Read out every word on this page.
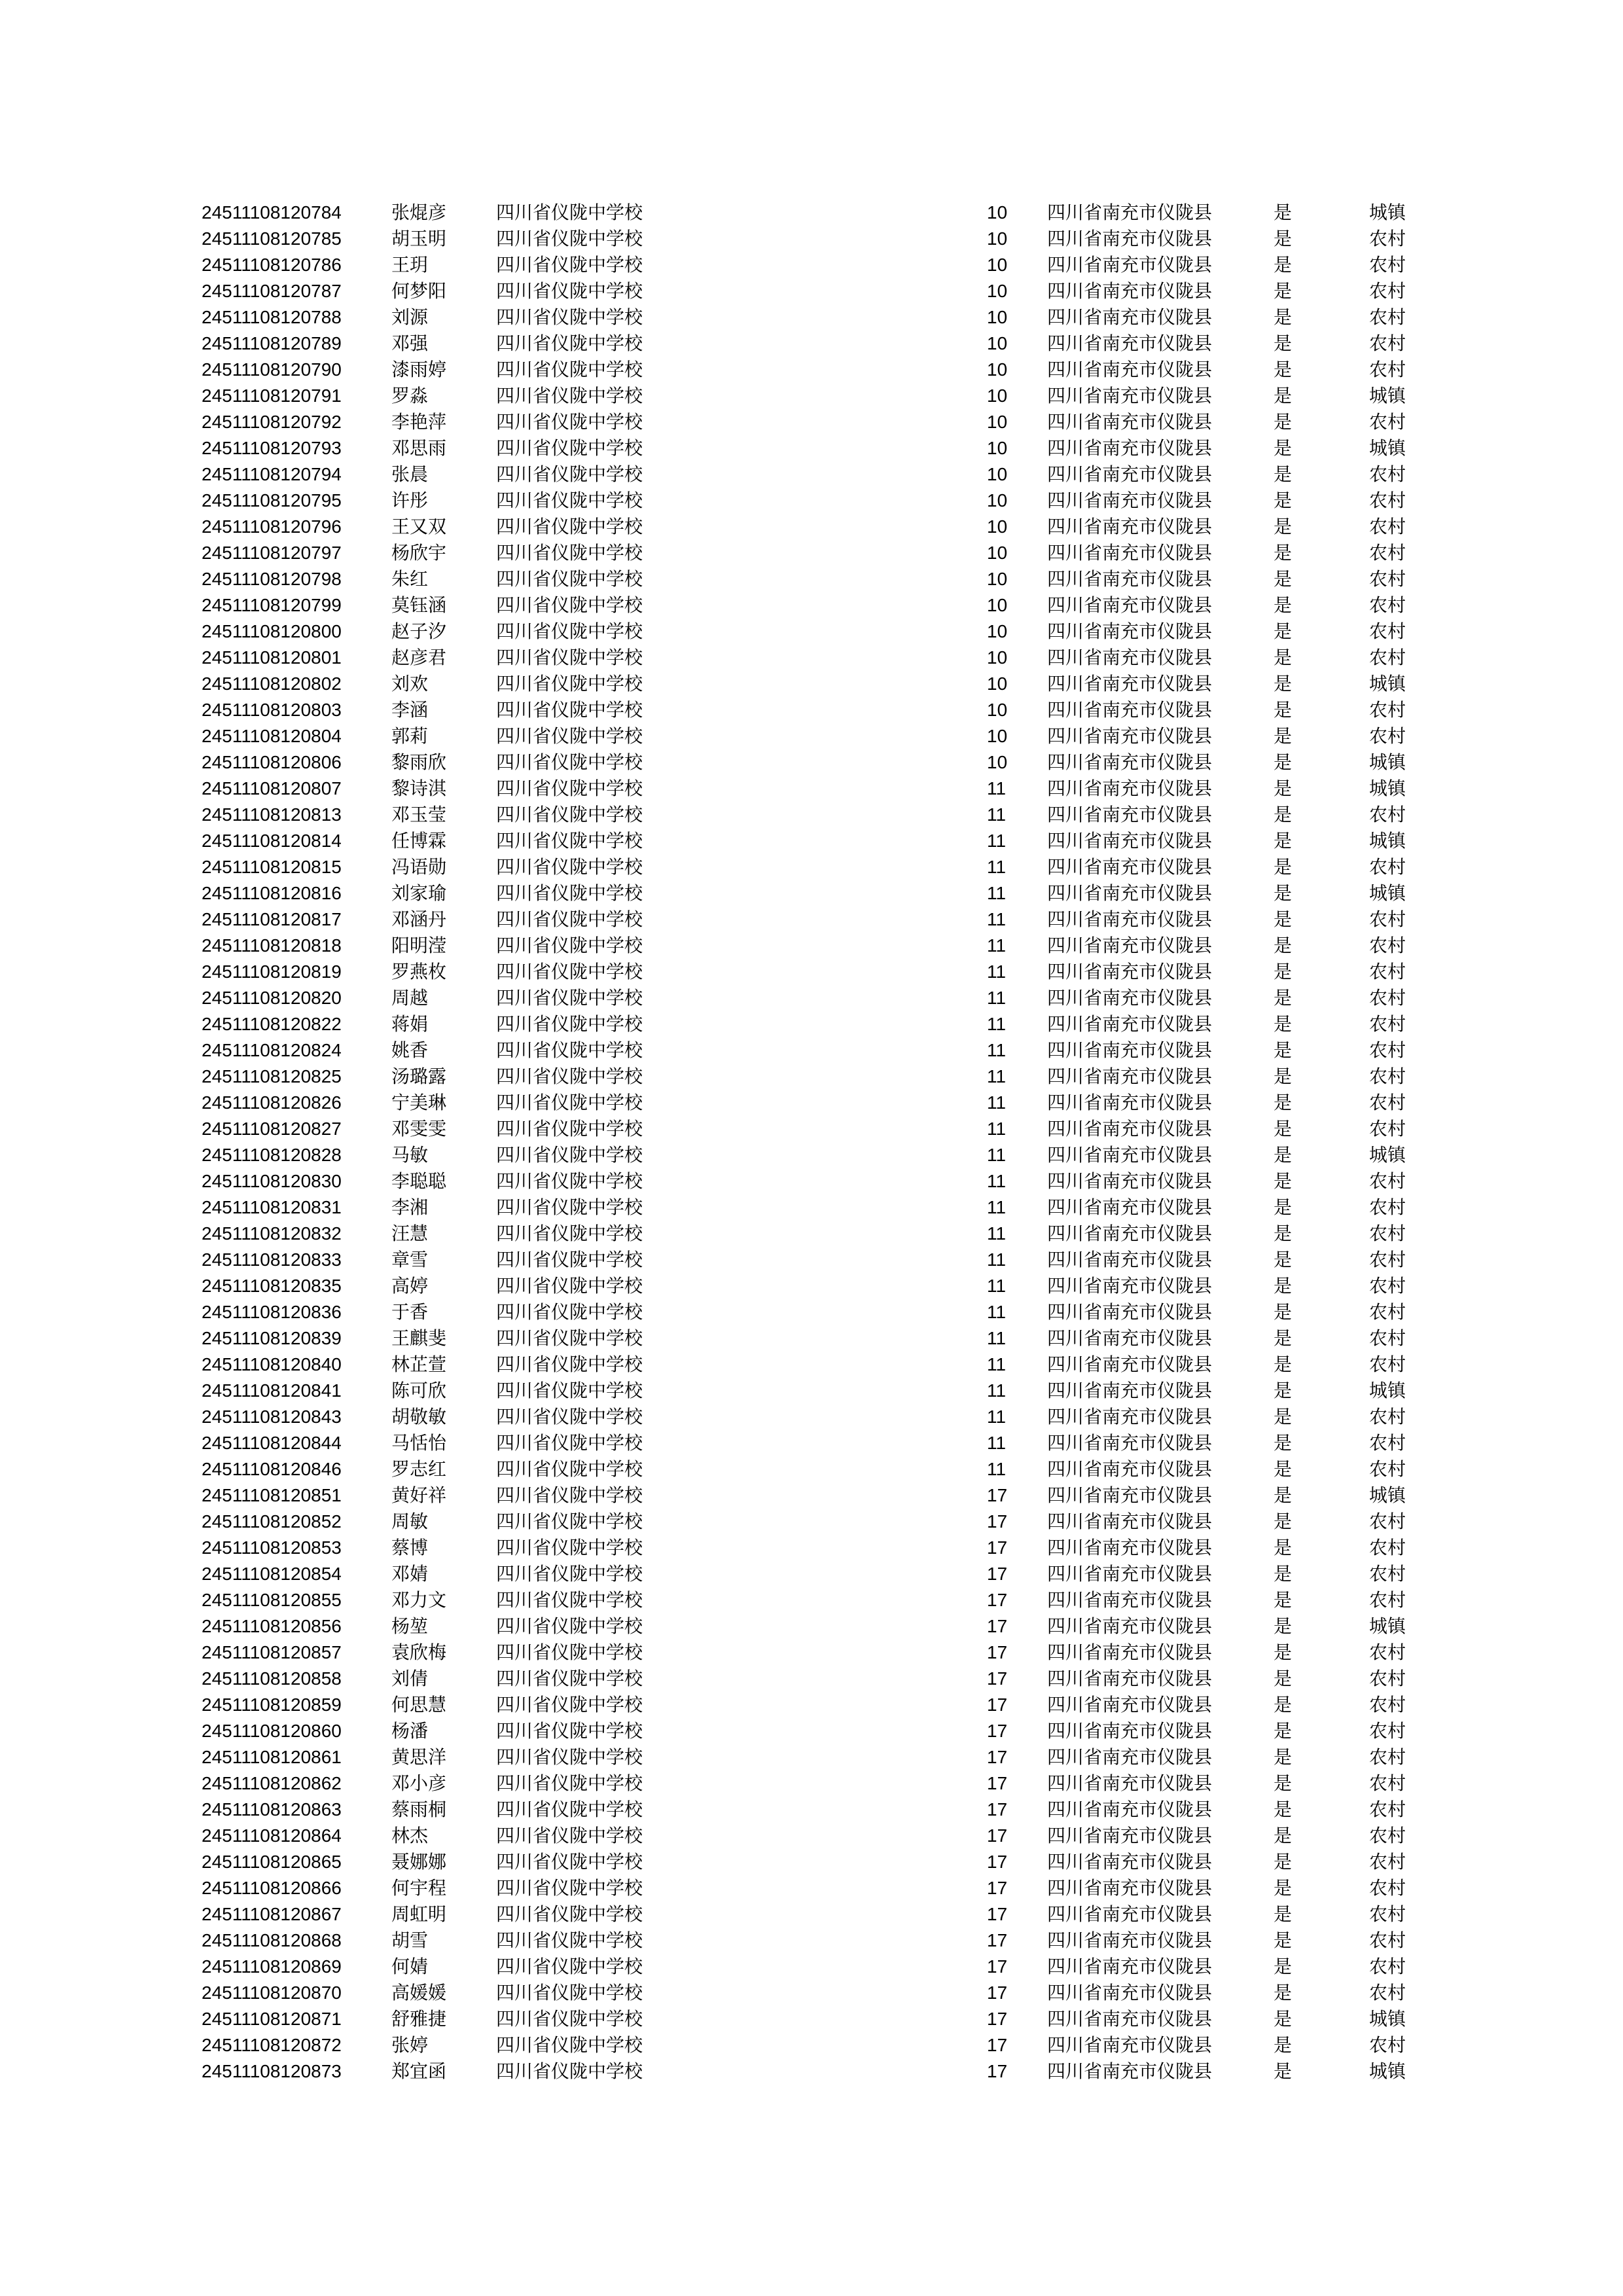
24511108120784	张焜彦	四川省仪陇中学校	10 四川省南充市仪陇县	是	城镇
24511108120785	胡玉明	四川省仪陇中学校	10 四川省南充市仪陇县	是	农村
24511108120786	王玥	四川省仪陇中学校	10 四川省南充市仪陇县	是	农村
24511108120787	何梦阳	四川省仪陇中学校	10 四川省南充市仪陇县	是	农村
24511108120788	刘源	四川省仪陇中学校	10 四川省南充市仪陇县	是	农村
24511108120789	邓强	四川省仪陇中学校	10 四川省南充市仪陇县	是	农村
24511108120790	漆雨婷	四川省仪陇中学校	10 四川省南充市仪陇县	是	农村
24511108120791	罗淼	四川省仪陇中学校	10 四川省南充市仪陇县	是	城镇
24511108120792	李艳萍	四川省仪陇中学校	10 四川省南充市仪陇县	是	农村
24511108120793	邓思雨	四川省仪陇中学校	10 四川省南充市仪陇县	是	城镇
24511108120794	张晨	四川省仪陇中学校	10 四川省南充市仪陇县	是	农村
24511108120795	许彤	四川省仪陇中学校	10 四川省南充市仪陇县	是	农村
24511108120796	王又双	四川省仪陇中学校	10 四川省南充市仪陇县	是	农村
24511108120797	杨欣宇	四川省仪陇中学校	10 四川省南充市仪陇县	是	农村
24511108120798	朱红	四川省仪陇中学校	10 四川省南充市仪陇县	是	农村
24511108120799	莫钰涵	四川省仪陇中学校	10 四川省南充市仪陇县	是	农村
24511108120800	赵子汐	四川省仪陇中学校	10 四川省南充市仪陇县	是	农村
24511108120801	赵彦君	四川省仪陇中学校	10 四川省南充市仪陇县	是	农村
24511108120802	刘欢	四川省仪陇中学校	10 四川省南充市仪陇县	是	城镇
24511108120803	李涵	四川省仪陇中学校	10 四川省南充市仪陇县	是	农村
24511108120804	郭莉	四川省仪陇中学校	10 四川省南充市仪陇县	是	农村
24511108120806	黎雨欣	四川省仪陇中学校	10 四川省南充市仪陇县	是	城镇
24511108120807	黎诗淇	四川省仪陇中学校	11 四川省南充市仪陇县	是	城镇
24511108120813	邓玉莹	四川省仪陇中学校	11 四川省南充市仪陇县	是	农村
24511108120814	任博霖	四川省仪陇中学校	11 四川省南充市仪陇县	是	城镇
24511108120815	冯语勋	四川省仪陇中学校	11 四川省南充市仪陇县	是	农村
24511108120816	刘家瑜	四川省仪陇中学校	11 四川省南充市仪陇县	是	城镇
24511108120817	邓涵丹	四川省仪陇中学校	11 四川省南充市仪陇县	是	农村
24511108120818	阳明滢	四川省仪陇中学校	11 四川省南充市仪陇县	是	农村
24511108120819	罗燕枚	四川省仪陇中学校	11 四川省南充市仪陇县	是	农村
24511108120820	周越	四川省仪陇中学校	11 四川省南充市仪陇县	是	农村
24511108120822	蒋娟	四川省仪陇中学校	11 四川省南充市仪陇县	是	农村
24511108120824	姚香	四川省仪陇中学校	11 四川省南充市仪陇县	是	农村
24511108120825	汤璐露	四川省仪陇中学校	11 四川省南充市仪陇县	是	农村
24511108120826	宁美琳	四川省仪陇中学校	11 四川省南充市仪陇县	是	农村
24511108120827	邓雯雯	四川省仪陇中学校	11 四川省南充市仪陇县	是	农村
24511108120828	马敏	四川省仪陇中学校	11 四川省南充市仪陇县	是	城镇
24511108120830	李聪聪	四川省仪陇中学校	11 四川省南充市仪陇县	是	农村
24511108120831	李湘	四川省仪陇中学校	11 四川省南充市仪陇县	是	农村
24511108120832	汪慧	四川省仪陇中学校	11 四川省南充市仪陇县	是	农村
24511108120833	章雪	四川省仪陇中学校	11 四川省南充市仪陇县	是	农村
24511108120835	高婷	四川省仪陇中学校	11 四川省南充市仪陇县	是	农村
24511108120836	于香	四川省仪陇中学校	11 四川省南充市仪陇县	是	农村
24511108120839	王麒斐	四川省仪陇中学校	11 四川省南充市仪陇县	是	农村
24511108120840	林芷萱	四川省仪陇中学校	11 四川省南充市仪陇县	是	农村
24511108120841	陈可欣	四川省仪陇中学校	11 四川省南充市仪陇县	是	城镇
24511108120843	胡敬敏	四川省仪陇中学校	11 四川省南充市仪陇县	是	农村
24511108120844	马恬怡	四川省仪陇中学校	11 四川省南充市仪陇县	是	农村
24511108120846	罗志红	四川省仪陇中学校	11 四川省南充市仪陇县	是	农村
24511108120851	黄好祥	四川省仪陇中学校	17 四川省南充市仪陇县	是	城镇
24511108120852	周敏	四川省仪陇中学校	17 四川省南充市仪陇县	是	农村
24511108120853	蔡博	四川省仪陇中学校	17 四川省南充市仪陇县	是	农村
24511108120854	邓婧	四川省仪陇中学校	17 四川省南充市仪陇县	是	农村
24511108120855	邓力文	四川省仪陇中学校	17 四川省南充市仪陇县	是	农村
24511108120856	杨堃	四川省仪陇中学校	17 四川省南充市仪陇县	是	城镇
24511108120857	袁欣梅	四川省仪陇中学校	17 四川省南充市仪陇县	是	农村
24511108120858	刘倩	四川省仪陇中学校	17 四川省南充市仪陇县	是	农村
24511108120859	何思慧	四川省仪陇中学校	17 四川省南充市仪陇县	是	农村
24511108120860	杨潘	四川省仪陇中学校	17 四川省南充市仪陇县	是	农村
24511108120861	黄思洋	四川省仪陇中学校	17 四川省南充市仪陇县	是	农村
24511108120862	邓小彦	四川省仪陇中学校	17 四川省南充市仪陇县	是	农村
24511108120863	蔡雨桐	四川省仪陇中学校	17 四川省南充市仪陇县	是	农村
24511108120864	林杰	四川省仪陇中学校	17 四川省南充市仪陇县	是	农村
24511108120865	聂娜娜	四川省仪陇中学校	17 四川省南充市仪陇县	是	农村
24511108120866	何宇程	四川省仪陇中学校	17 四川省南充市仪陇县	是	农村
24511108120867	周虹明	四川省仪陇中学校	17 四川省南充市仪陇县	是	农村
24511108120868	胡雪	四川省仪陇中学校	17 四川省南充市仪陇县	是	农村
24511108120869	何婧	四川省仪陇中学校	17 四川省南充市仪陇县	是	农村
24511108120870	高媛媛	四川省仪陇中学校	17 四川省南充市仪陇县	是	农村
24511108120871	舒雅捷	四川省仪陇中学校	17 四川省南充市仪陇县	是	城镇
24511108120872	张婷	四川省仪陇中学校	17 四川省南充市仪陇县	是	农村
24511108120873	郑宜函	四川省仪陇中学校	17 四川省南充市仪陇县	是	城镇
